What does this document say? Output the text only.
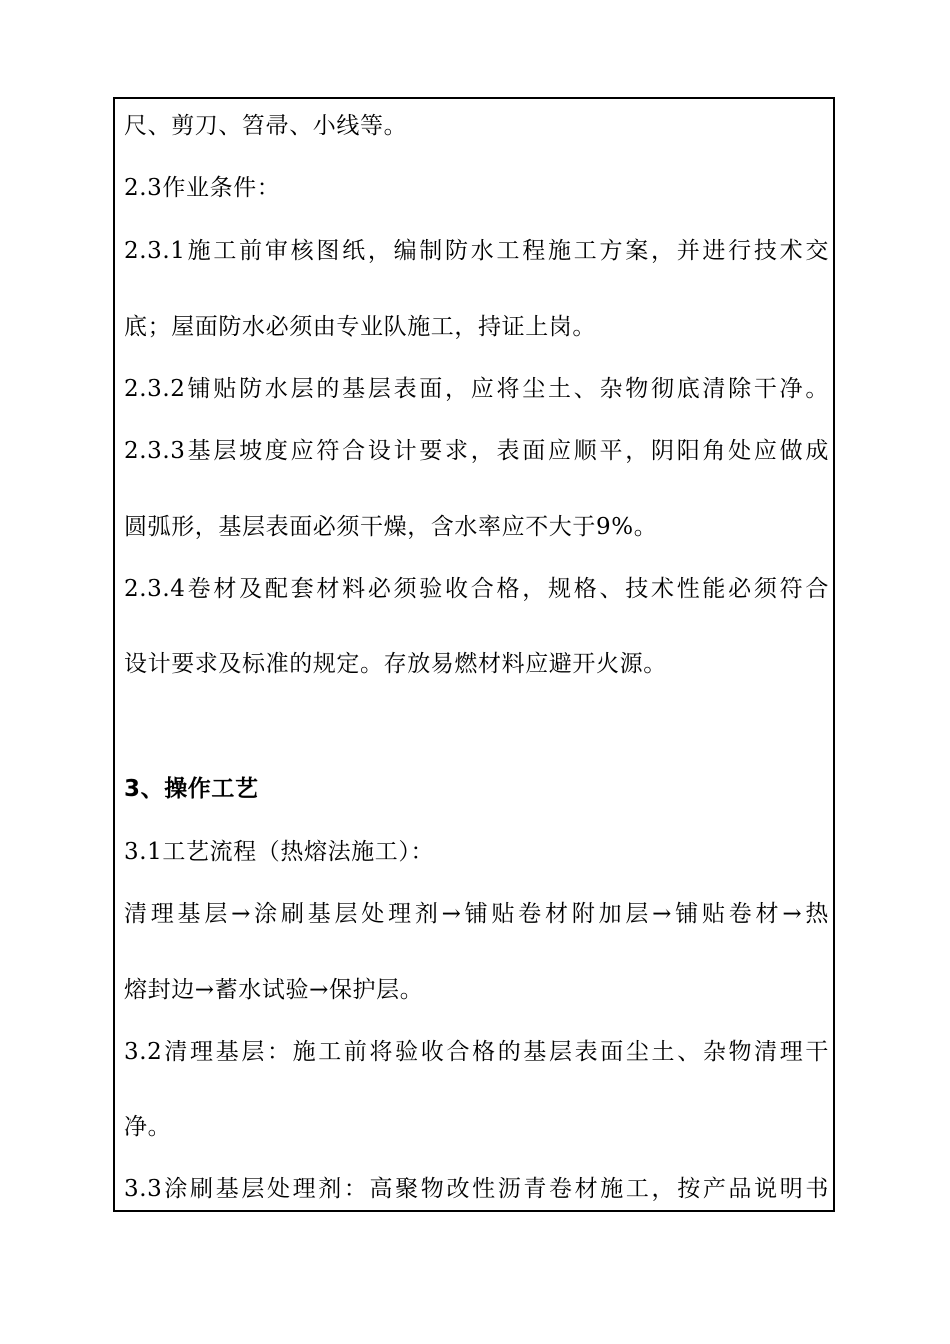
尺、剪刀、笤帚、小线等。
2.3作业条件：
2.3.1施工前审核图纸，编制防水工程施工方案，并进行技术交
底；屋面防水必须由专业队施工，持证上岗。
2.3.2铺贴防水层的基层表面，应将尘土、杂物彻底清除干净。
2.3.3基层坡度应符合设计要求，表面应顺平，阴阳角处应做成
圆弧形，基层表面必须干燥，含水率应不大于9%。
2.3.4卷材及配套材料必须验收合格，规格、技术性能必须符合
设计要求及标准的规定。存放易燃材料应避开火源。
3、操作工艺
3.1工艺流程（热熔法施工）：
清理基层→涂刷基层处理剂→铺贴卷材附加层→铺贴卷材→热
熔封边→蓄水试验→保护层。
3.2清理基层：施工前将验收合格的基层表面尘土、杂物清理干
净。
3.3涂刷基层处理剂：高聚物改性沥青卷材施工，按产品说明书
